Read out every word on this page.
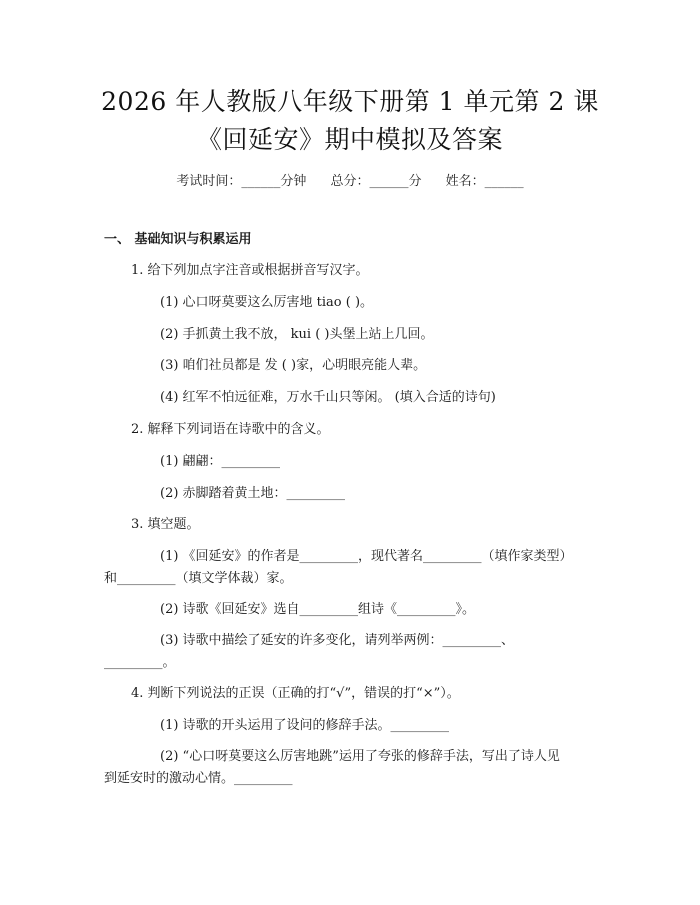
2026 年人教版八年级下册第 1 单元第 2 课
《回延安》期中模拟及答案
考试时间：______分钟 总分：______分 姓名：______
一、 基础知识与积累运用
1. 给下列加点字注音或根据拼音写汉字。
(1) 心口呀莫要这么厉害地 tiao ( )。
(2) 手抓黄土我不放， kui ( )头堡上站上几回。
(3) 咱们社员都是 发 ( )家，心明眼亮能人辈。
(4) 红军不怕远征难，万水千山只等闲。 (填入合适的诗句)
2. 解释下列词语在诗歌中的含义。
(1) 翩翩：_________
(2) 赤脚踏着黄土地：_________
3. 填空题。
(1) 《回延安》的作者是_________，现代著名_________（填作家类型）
和_________（填文学体裁）家。
(2) 诗歌《回延安》选自_________组诗《_________》。
(3) 诗歌中描绘了延安的许多变化，请列举两例：_________、
_________。
4. 判断下列说法的正误（正确的打“√”，错误的打“×”）。
(1) 诗歌的开头运用了设问的修辞手法。_________
(2) “心口呀莫要这么厉害地跳”运用了夸张的修辞手法，写出了诗人见
到延安时的激动心情。_________
